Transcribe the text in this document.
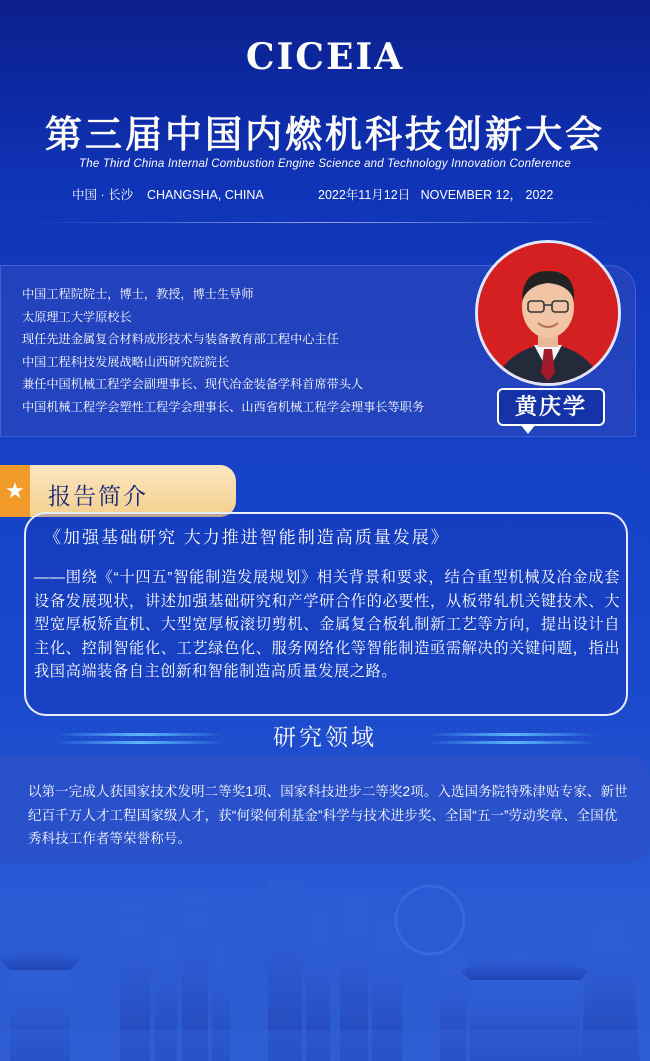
CICEIA
第三届中国内燃机科技创新大会
The Third China Internal Combustion Engine Science and Technology Innovation Conference
中国 · 长沙    CHANGSHA, CHINA	2022年11月12日   NOVEMBER 12， 2022
中国工程院院士，博士，教授，博士生导师
太原理工大学原校长
现任先进金属复合材料成形技术与装备教育部工程中心主任
中国工程科技发展战略山西研究院院长
兼任中国机械工程学会副理事长、现代冶金装备学科首席带头人
中国机械工程学会塑性工程学会理事长、山西省机械工程学会理事长等职务	黄庆学
★ 报告简介
《加强基础研究 大力推进智能制造高质量发展》

——围绕《“十四五”智能制造发展规划》相关背景和要求，结合重型机械及冶金成套设备发展现状，讲述加强基础研究和产学研合作的必要性，从板带轧机关键技术、大型宽厚板矫直机、大型宽厚板滚切剪机、金属复合板轧制新工艺等方向，提出设计自主化、控制智能化、工艺绿色化、服务网络化等智能制造亟需解决的关键问题，指出我国高端装备自主创新和智能制造高质量发展之路。

研究领域

以第一完成人获国家技术发明二等奖1项、国家科技进步二等奖2项。入选国务院特殊津贴专家、新世纪百千万人才工程国家级人才，获“何梁何利基金”科学与技术进步奖、全国“五一”劳动奖章、全国优秀科技工作者等荣誉称号。
